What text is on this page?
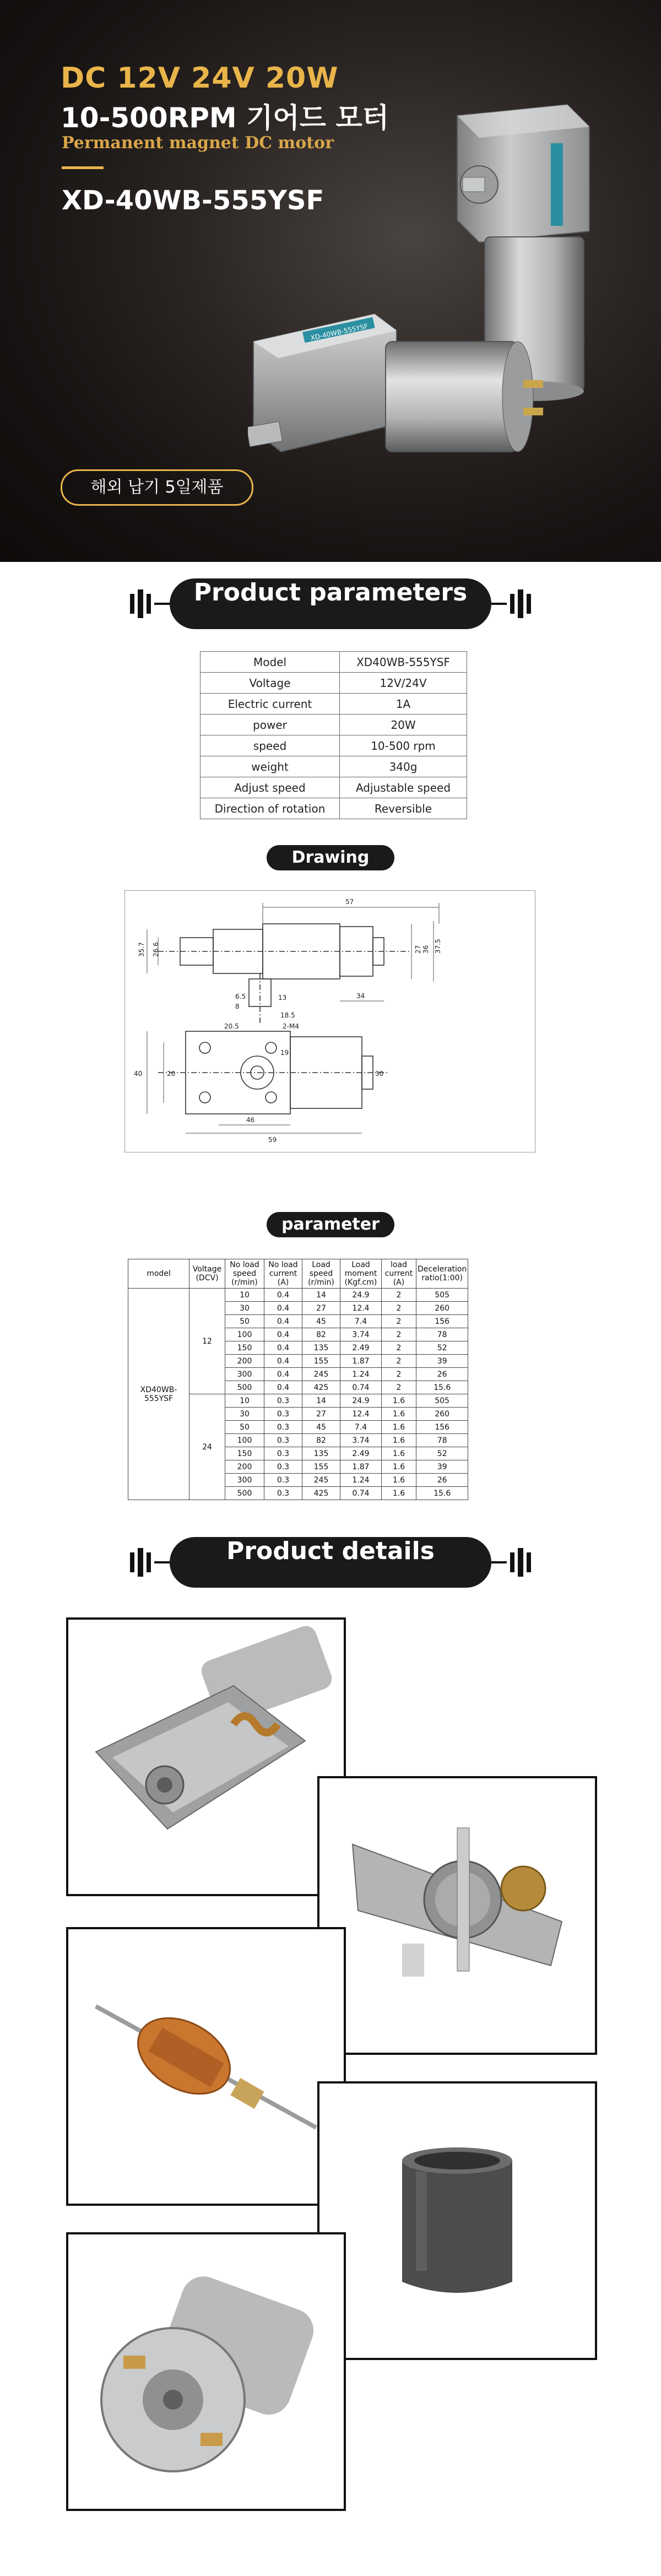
DC 12V 24V 20W
10-500RPM 기어드 모터
Permanent magnet DC motor
XD-40WB-555YSF
XD-40WB-555YSF
해외 납기 5일제품
Product parameters
Model	XD40WB-555YSF
Voltage	12V/24V
Electric current	1A
power	20W
speed	10-500 rpm
weight	340g
Adjust speed	Adjustable speed
Direction of rotation	Reversible
Drawing
57
35.7 26.6	27 37.5
36
34
6.5
8
13
18.5
20.5	2-M4
19
40	20
46
59
30
parameter
model	Voltage (DCV)	No load speed (r/min)	No load current (A)	Load speed (r/min)	Load moment (Kgf.cm)	load current (A)	Deceleration ratio(1:00)
XD40WB-555YSF	12	10	0.4	14	24.9	2	505
		30	0.4	27	12.4	2	260
		50	0.4	45	7.4	2	156
		100	0.4	82	3.74	2	78
		150	0.4	135	2.49	2	52
		200	0.4	155	1.87	2	39
		300	0.4	245	1.24	2	26
		500	0.4	425	0.74	2	15.6
	24	10	0.3	14	24.9	1.6	505
		30	0.3	27	12.4	1.6	260
		50	0.3	45	7.4	1.6	156
		100	0.3	82	3.74	1.6	78
		150	0.3	135	2.49	1.6	52
		200	0.3	155	1.87	1.6	39
		300	0.3	245	1.24	1.6	26
		500	0.3	425	0.74	1.6	15.6
Product details
